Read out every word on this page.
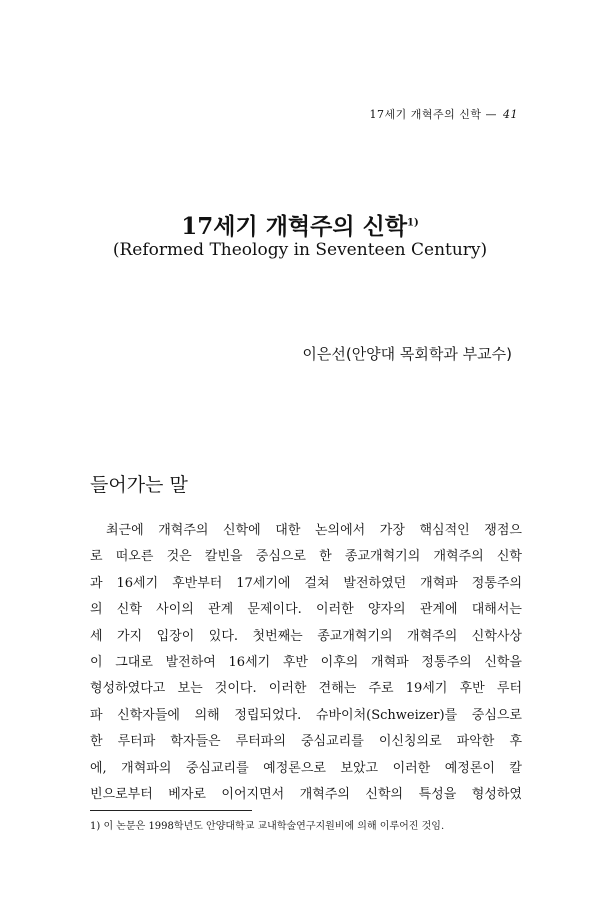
17세기 개혁주의 신학 — 41
17세기 개혁주의 신학$^{1)}$
(Reformed Theology in Seventeen Century)
이은선(안양대 목회학과 부교수)
들어가는 말
최근에 개혁주의 신학에 대한 논의에서 가장 핵심적인 쟁점으
로 떠오른 것은 칼빈을 중심으로 한 종교개혁기의 개혁주의 신학
과 16세기 후반부터 17세기에 걸쳐 발전하였던 개혁파 정통주의
의 신학 사이의 관계 문제이다. 이러한 양자의 관계에 대해서는
세 가지 입장이 있다. 첫번째는 종교개혁기의 개혁주의 신학사상
이 그대로 발전하여 16세기 후반 이후의 개혁파 정통주의 신학을
형성하였다고 보는 것이다. 이러한 견해는 주로 19세기 후반 루터
파 신학자들에 의해 정립되었다. 슈바이처(Schweizer)를 중심으로
한 루터파 학자들은 루터파의 중심교리를 이신칭의로 파악한 후
에, 개혁파의 중심교리를 예정론으로 보았고 이러한 예정론이 칼
빈으로부터 베자로 이어지면서 개혁주의 신학의 특성을 형성하였
1) 이 논문은 1998학년도 안양대학교 교내학술연구지원비에 의해 이루어진 것임.
